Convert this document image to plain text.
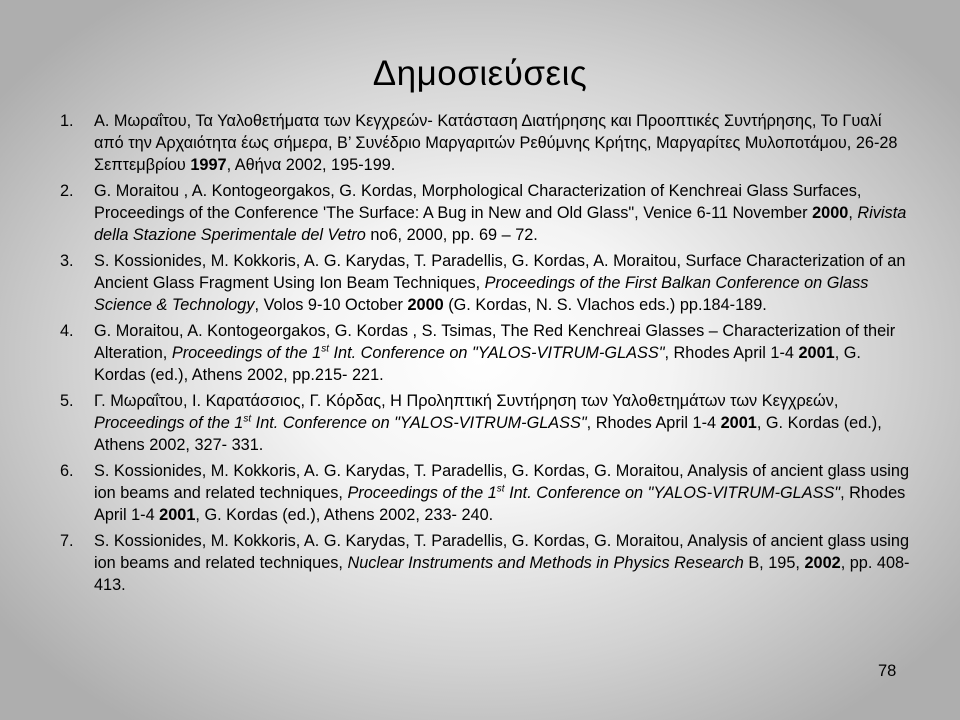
Δημοσιεύσεις
1. Α. Μωραΐτου, Τα Υαλοθετήματα των Κεγχρεών- Κατάσταση Διατήρησης και Προοπτικές Συντήρησης, Το Γυαλί από την Αρχαιότητα έως σήμερα, Β’ Συνέδριο Μαργαριτών Ρεθύμνης Κρήτης, Μαργαρίτες Μυλοποτάμου, 26-28 Σεπτεμβρίου 1997, Αθήνα 2002, 195-199.
2. G. Moraitou , A. Kontogeorgakos, G. Kordas, Morphological Characterization of Kenchreai Glass Surfaces, Proceedings of the Conference 'The Surface: A Bug in New and Old Glass", Venice 6-11 November 2000, Rivista della Stazione Sperimentale del Vetro no6, 2000, pp. 69 – 72.
3. S. Kossionides, M. Kokkoris, A. G. Karydas, T. Paradellis, G. Kordas, A. Moraitou, Surface Characterization of an Ancient Glass Fragment Using Ion Beam Techniques, Proceedings of the First Balkan Conference on Glass Science & Technology, Volos 9-10 October 2000 (G. Kordas, N. S. Vlachos eds.) pp.184-189.
4. G. Moraitou, A. Kontogeorgakos, G. Kordas , S. Tsimas, The Red Kenchreai Glasses – Characterization of their Alteration, Proceedings of the 1st Int. Conference on "YALOS-VITRUM-GLASS", Rhodes April 1-4 2001, G. Kordas (ed.), Athens 2002, pp.215- 221.
5. Γ. Μωραΐτου, Ι. Καρατάσσιος, Γ. Κόρδας, Η Προληπτική Συντήρηση των Υαλοθετημάτων των Κεγχρεών, Proceedings of the 1st Int. Conference on "YALOS-VITRUM-GLASS", Rhodes April 1-4 2001, G. Kordas (ed.), Athens 2002, 327- 331.
6. S. Kossionides, M. Kokkoris, A. G. Karydas, T. Paradellis, G. Kordas, G. Moraitou, Analysis of ancient glass using ion beams and related techniques, Proceedings of the 1st Int. Conference on "YALOS-VITRUM-GLASS", Rhodes April 1-4 2001, G. Kordas (ed.), Athens 2002, 233- 240.
7. S. Kossionides, M. Kokkoris, A. G. Karydas, T. Paradellis, G. Kordas, G. Moraitou, Analysis of ancient glass using ion beams and related techniques, Nuclear Instruments and Methods in Physics Research B, 195, 2002, pp. 408-413.
78
